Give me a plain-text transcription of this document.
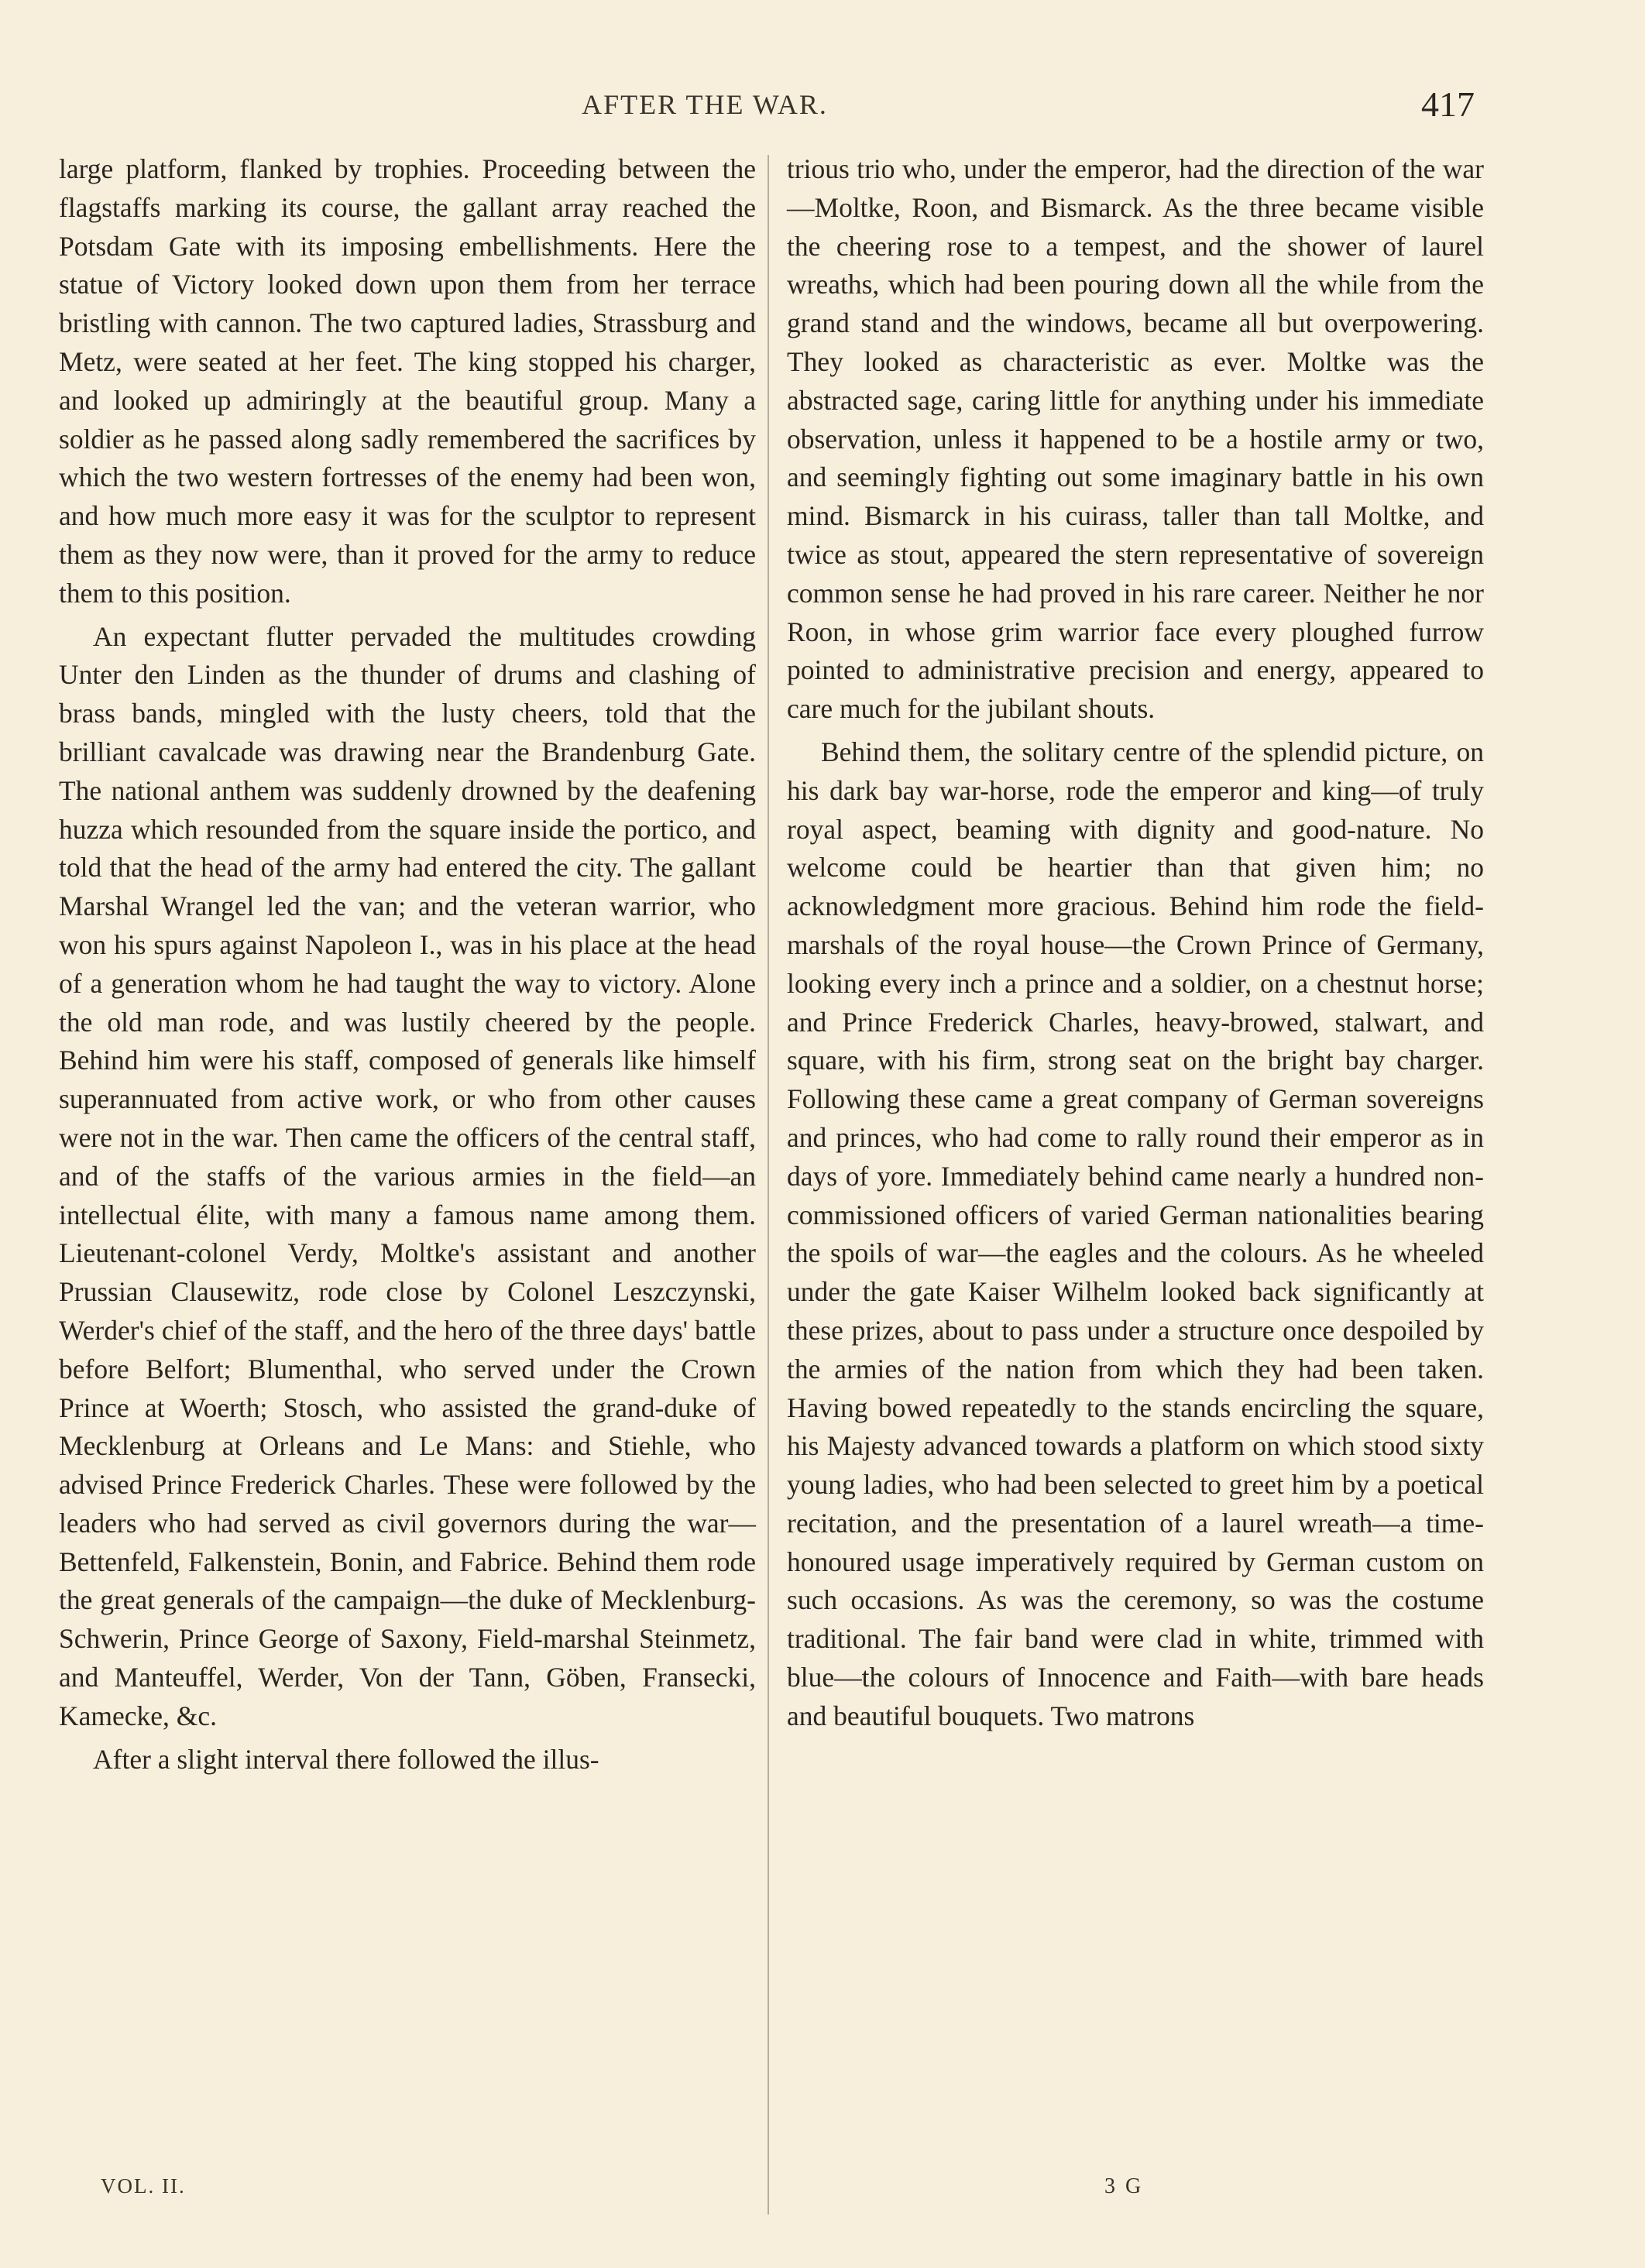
AFTER THE WAR.	417

large platform, flanked by trophies. Proceeding between the flagstaffs marking its course, the gallant array reached the Potsdam Gate with its imposing embellishments. Here the statue of Victory looked down upon them from her terrace bristling with cannon. The two captured ladies, Strassburg and Metz, were seated at her feet. The king stopped his charger, and looked up admiringly at the beautiful group. Many a soldier as he passed along sadly remembered the sacrifices by which the two western fortresses of the enemy had been won, and how much more easy it was for the sculptor to represent them as they now were, than it proved for the army to reduce them to this position.

An expectant flutter pervaded the multitudes crowding Unter den Linden as the thunder of drums and clashing of brass bands, mingled with the lusty cheers, told that the brilliant cavalcade was drawing near the Brandenburg Gate. The national anthem was suddenly drowned by the deafening huzza which resounded from the square inside the portico, and told that the head of the army had entered the city. The gallant Marshal Wrangel led the van; and the veteran warrior, who won his spurs against Napoleon I., was in his place at the head of a generation whom he had taught the way to victory. Alone the old man rode, and was lustily cheered by the people. Behind him were his staff, composed of generals like himself superannuated from active work, or who from other causes were not in the war. Then came the officers of the central staff, and of the staffs of the various armies in the field—an intellectual élite, with many a famous name among them. Lieutenant-colonel Verdy, Moltke's assistant and another Prussian Clausewitz, rode close by Colonel Leszczynski, Werder's chief of the staff, and the hero of the three days' battle before Belfort; Blumenthal, who served under the Crown Prince at Woerth; Stosch, who assisted the grand-duke of Mecklenburg at Orleans and Le Mans: and Stiehle, who advised Prince Frederick Charles. These were followed by the leaders who had served as civil governors during the war—Bettenfeld, Falkenstein, Bonin, and Fabrice. Behind them rode the great generals of the campaign—the duke of Mecklenburg-Schwerin, Prince George of Saxony, Field-marshal Steinmetz, and Manteuffel, Werder, Von der Tann, Göben, Fransecki, Kamecke, &c.

After a slight interval there followed the illus-

trious trio who, under the emperor, had the direction of the war—Moltke, Roon, and Bismarck. As the three became visible the cheering rose to a tempest, and the shower of laurel wreaths, which had been pouring down all the while from the grand stand and the windows, became all but overpowering. They looked as characteristic as ever. Moltke was the abstracted sage, caring little for anything under his immediate observation, unless it happened to be a hostile army or two, and seemingly fighting out some imaginary battle in his own mind. Bismarck in his cuirass, taller than tall Moltke, and twice as stout, appeared the stern representative of sovereign common sense he had proved in his rare career. Neither he nor Roon, in whose grim warrior face every ploughed furrow pointed to administrative precision and energy, appeared to care much for the jubilant shouts.

Behind them, the solitary centre of the splendid picture, on his dark bay war-horse, rode the emperor and king—of truly royal aspect, beaming with dignity and good-nature. No welcome could be heartier than that given him; no acknowledgment more gracious. Behind him rode the field-marshals of the royal house—the Crown Prince of Germany, looking every inch a prince and a soldier, on a chestnut horse; and Prince Frederick Charles, heavy-browed, stalwart, and square, with his firm, strong seat on the bright bay charger. Following these came a great company of German sovereigns and princes, who had come to rally round their emperor as in days of yore. Immediately behind came nearly a hundred non-commissioned officers of varied German nationalities bearing the spoils of war—the eagles and the colours. As he wheeled under the gate Kaiser Wilhelm looked back significantly at these prizes, about to pass under a structure once despoiled by the armies of the nation from which they had been taken. Having bowed repeatedly to the stands encircling the square, his Majesty advanced towards a platform on which stood sixty young ladies, who had been selected to greet him by a poetical recitation, and the presentation of a laurel wreath—a time-honoured usage imperatively required by German custom on such occasions. As was the ceremony, so was the costume traditional. The fair band were clad in white, trimmed with blue—the colours of Innocence and Faith—with bare heads and beautiful bouquets. Two matrons

VOL. II.	3 G
